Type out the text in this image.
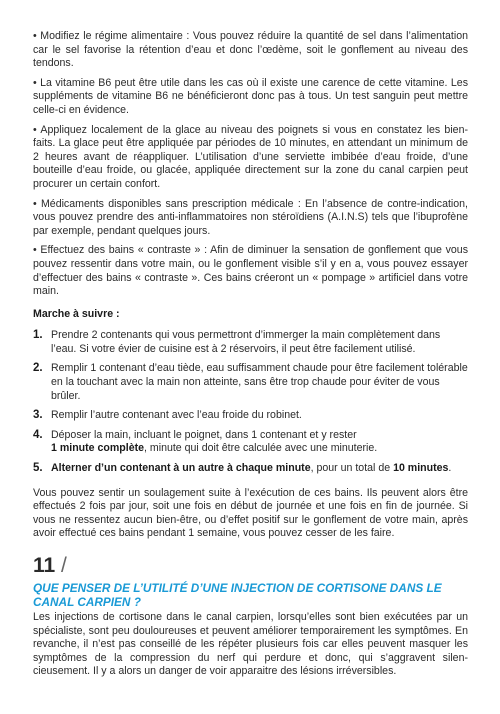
• Modifiez le régime alimentaire : Vous pouvez réduire la quantité de sel dans l’alimentation car le sel favorise la rétention d’eau et donc l’œdème, soit le gonflement au niveau des tendons.

• La vitamine B6 peut être utile dans les cas où il existe une carence de cette vitamine. Les suppléments de vitamine B6 ne bénéficieront donc pas à tous. Un test sanguin peut mettre celle-ci en évidence.

• Appliquez localement de la glace au niveau des poignets si vous en constatez les bien-faits. La glace peut être appliquée par périodes de 10 minutes, en attendant un minimum de 2 heures avant de réappliquer. L’utilisation d’une serviette imbibée d’eau froide, d’une bouteille d’eau froide, ou glacée, appliquée directement sur la zone du canal carpien peut procurer un certain confort.

• Médicaments disponibles sans prescription médicale : En l’absence de contre-indication, vous pouvez prendre des anti-inflammatoires non stéroïdiens (A.I.N.S) tels que l’ibuprofène par exemple, pendant quelques jours.

• Effectuez des bains « contraste » : Afin de diminuer la sensation de gonflement que vous pouvez ressentir dans votre main, ou le gonflement visible s’il y en a, vous pouvez essayer d’effectuer des bains « contraste ». Ces bains créeront un « pompage » artificiel dans votre main.

Marche à suivre :
1. Prendre 2 contenants qui vous permettront d’immerger la main complètement dans l’eau. Si votre évier de cuisine est à 2 réservoirs, il peut être facilement utilisé.
2. Remplir 1 contenant d’eau tiède, eau suffisamment chaude pour être facilement tolérable en la touchant avec la main non atteinte, sans être trop chaude pour éviter de vous brûler.
3. Remplir l’autre contenant avec l’eau froide du robinet.
4. Déposer la main, incluant le poignet, dans 1 contenant et y rester
1 minute complète, minute qui doit être calculée avec une minuterie.
5. Alterner d’un contenant à un autre à chaque minute, pour un total de 10 minutes.

Vous pouvez sentir un soulagement suite à l’exécution de ces bains. Ils peuvent alors être effectués 2 fois par jour, soit une fois en début de journée et une fois en fin de journée. Si vous ne ressentez aucun bien-être, ou d’effet positif sur le gonflement de votre main, après avoir effectué ces bains pendant 1 semaine, vous pouvez cesser de les faire.

11 /
QUE PENSER DE L’UTILITÉ D’UNE INJECTION DE CORTISONE DANS LE CANAL CARPIEN ?

Les injections de cortisone dans le canal carpien, lorsqu’elles sont bien exécutées par un spécialiste, sont peu douloureuses et peuvent améliorer temporairement les symptômes. En revanche, il n’est pas conseillé de les répéter plusieurs fois car elles peuvent masquer les symptômes de la compression du nerf qui perdure et donc, qui s’aggravent silen-cieusement. Il y a alors un danger de voir apparaitre des lésions irréversibles.
